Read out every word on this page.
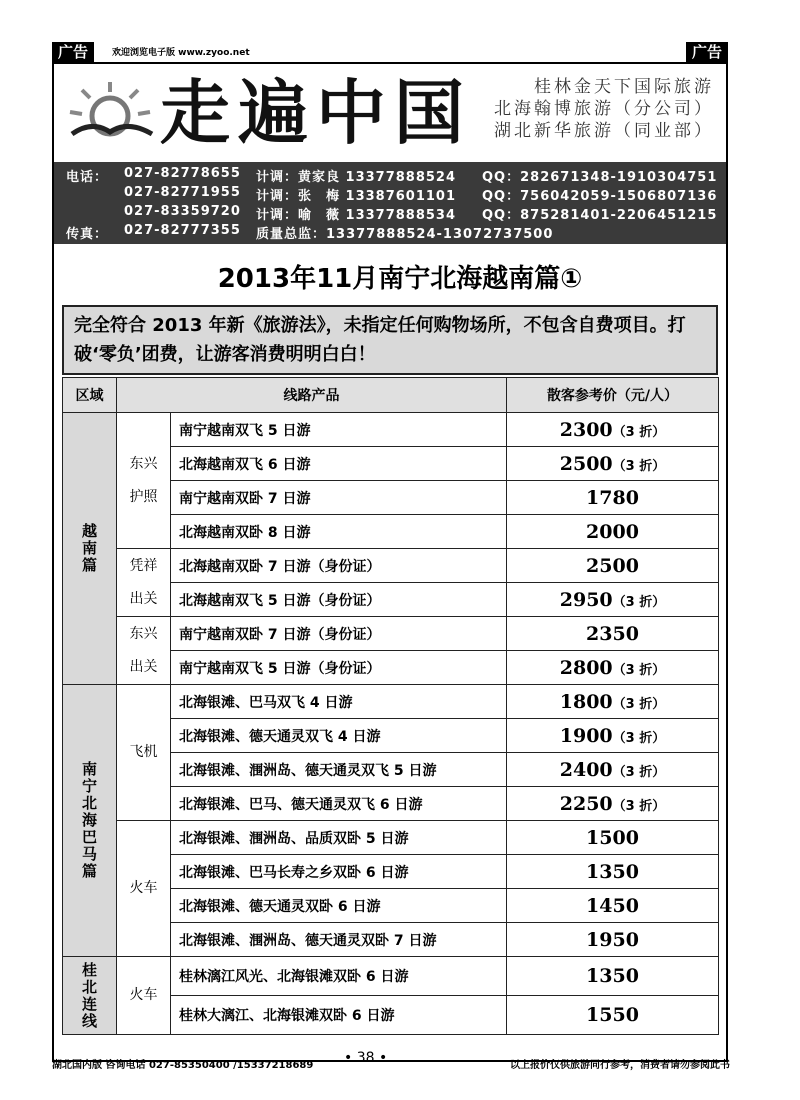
广告	欢迎浏览电子版 www.zyoo.net	广告
走遍中国	桂林金天下国际旅游
北海翰博旅游（分公司）
湖北新华旅游（同业部）
电话： 027-82778655 计调：黄家良 13377888524 QQ：282671348-1910304751
027-82771955 计调：张　梅 13387601101 QQ：756042059-1506807136
027-83359720 计调：喻　薇 13377888534 QQ：875281401-2206451215
传真： 027-82777355 质量总监：13377888524-13072737500
2013年11月南宁北海越南篇①
完全符合 2013 年新《旅游法》，未指定任何购物场所，不包含自费项目。打破‘零负’团费，让游客消费明明白白！
区域	线路产品		散客参考价（元/人）
越南篇	东兴护照	南宁越南双飞 5 日游	2300（3 折）
		北海越南双飞 6 日游	2500（3 折）
		南宁越南双卧 7 日游	1780
		北海越南双卧 8 日游	2000
	凭祥出关	北海越南双卧 7 日游（身份证）	2500
		北海越南双飞 5 日游（身份证）	2950（3 折）
	东兴出关	南宁越南双卧 7 日游（身份证）	2350
		南宁越南双飞 5 日游（身份证）	2800（3 折）
南宁北海巴马篇	飞机	北海银滩、巴马双飞 4 日游	1800（3 折）
		北海银滩、德天通灵双飞 4 日游	1900（3 折）
		北海银滩、涠洲岛、德天通灵双飞 5 日游	2400（3 折）
		北海银滩、巴马、德天通灵双飞 6 日游	2250（3 折）
	火车	北海银滩、涠洲岛、品质双卧 5 日游	1500
		北海银滩、巴马长寿之乡双卧 6 日游	1350
		北海银滩、德天通灵双卧 6 日游	1450
		北海银滩、涠洲岛、德天通灵双卧 7 日游	1950
桂北连线	火车	桂林漓江风光、北海银滩双卧 6 日游	1350
		桂林大漓江、北海银滩双卧 6 日游	1550
湖北国内版 咨询电话 027-85350400 /15337218689 • 38 •	以上报价仅供旅游同行参考，消费者请勿参阅此书
